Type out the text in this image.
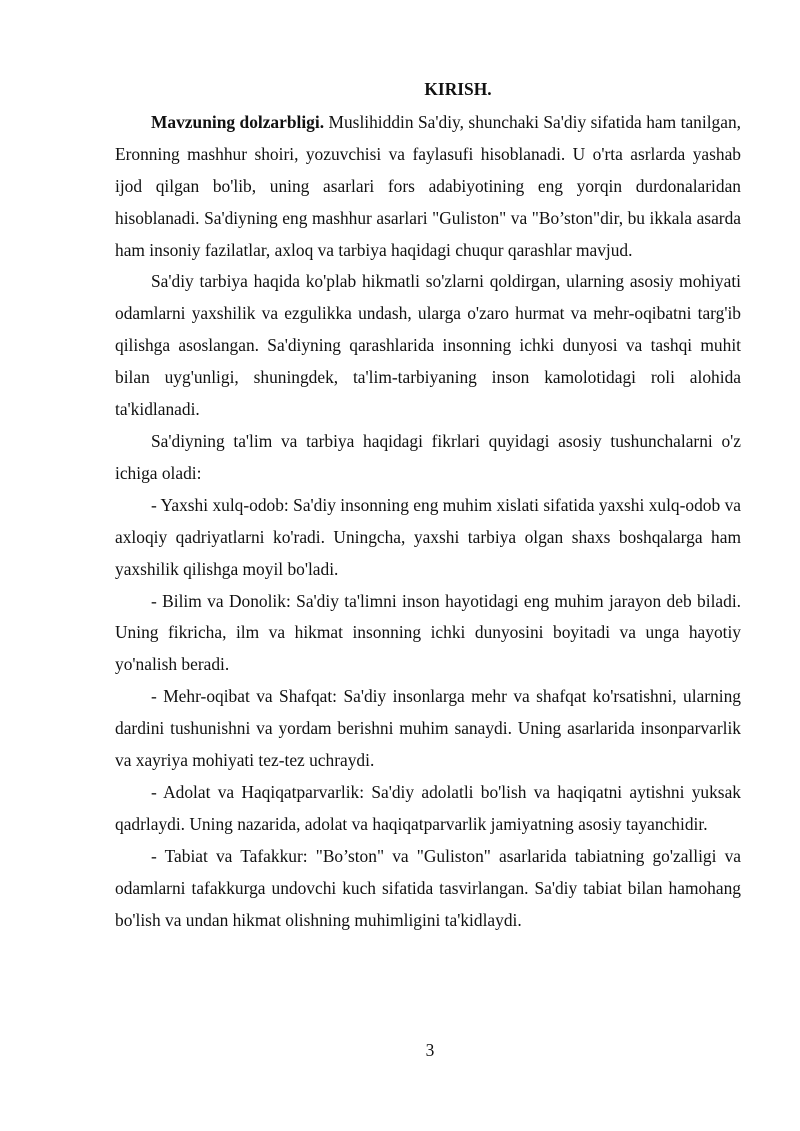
KIRISH.

Mavzuning dolzarbligi. Muslihiddin Sa'diy, shunchaki Sa'diy sifatida ham tanilgan, Eronning mashhur shoiri, yozuvchisi va faylasufi hisoblanadi. U o'rta asrlarda yashab ijod qilgan bo'lib, uning asarlari fors adabiyotining eng yorqin durdonalaridan hisoblanadi. Sa'diyning eng mashhur asarlari "Guliston" va "Bo’ston"dir, bu ikkala asarda ham insoniy fazilatlar, axloq va tarbiya haqidagi chuqur qarashlar mavjud.

Sa'diy tarbiya haqida ko'plab hikmatli so'zlarni qoldirgan, ularning asosiy mohiyati odamlarni yaxshilik va ezgulikka undash, ularga o'zaro hurmat va mehr-oqibatni targ'ib qilishga asoslangan. Sa'diyning qarashlarida insonning ichki dunyosi va tashqi muhit bilan uyg'unligi, shuningdek, ta'lim-tarbiyaning inson kamolotidagi roli alohida ta'kidlanadi.

Sa'diyning ta'lim va tarbiya haqidagi fikrlari quyidagi asosiy tushunchalarni o'z ichiga oladi:

- Yaxshi xulq-odob: Sa'diy insonning eng muhim xislati sifatida yaxshi xulq-odob va axloqiy qadriyatlarni ko'radi. Uningcha, yaxshi tarbiya olgan shaxs boshqalarga ham yaxshilik qilishga moyil bo'ladi.

- Bilim va Donolik: Sa'diy ta'limni inson hayotidagi eng muhim jarayon deb biladi. Uning fikricha, ilm va hikmat insonning ichki dunyosini boyitadi va unga hayotiy yo'nalish beradi.

- Mehr-oqibat va Shafqat: Sa'diy insonlarga mehr va shafqat ko'rsatishni, ularning dardini tushunishni va yordam berishni muhim sanaydi. Uning asarlarida insonparvarlik va xayriya mohiyati tez-tez uchraydi.

- Adolat va Haqiqatparvarlik: Sa'diy adolatli bo'lish va haqiqatni aytishni yuksak qadrlaydi. Uning nazarida, adolat va haqiqatparvarlik jamiyatning asosiy tayanchidir.

- Tabiat va Tafakkur: "Bo’ston" va "Guliston" asarlarida tabiatning go'zalligi va odamlarni tafakkurga undovchi kuch sifatida tasvirlangan. Sa'diy tabiat bilan hamohang bo'lish va undan hikmat olishning muhimligini ta'kidlaydi.

3
